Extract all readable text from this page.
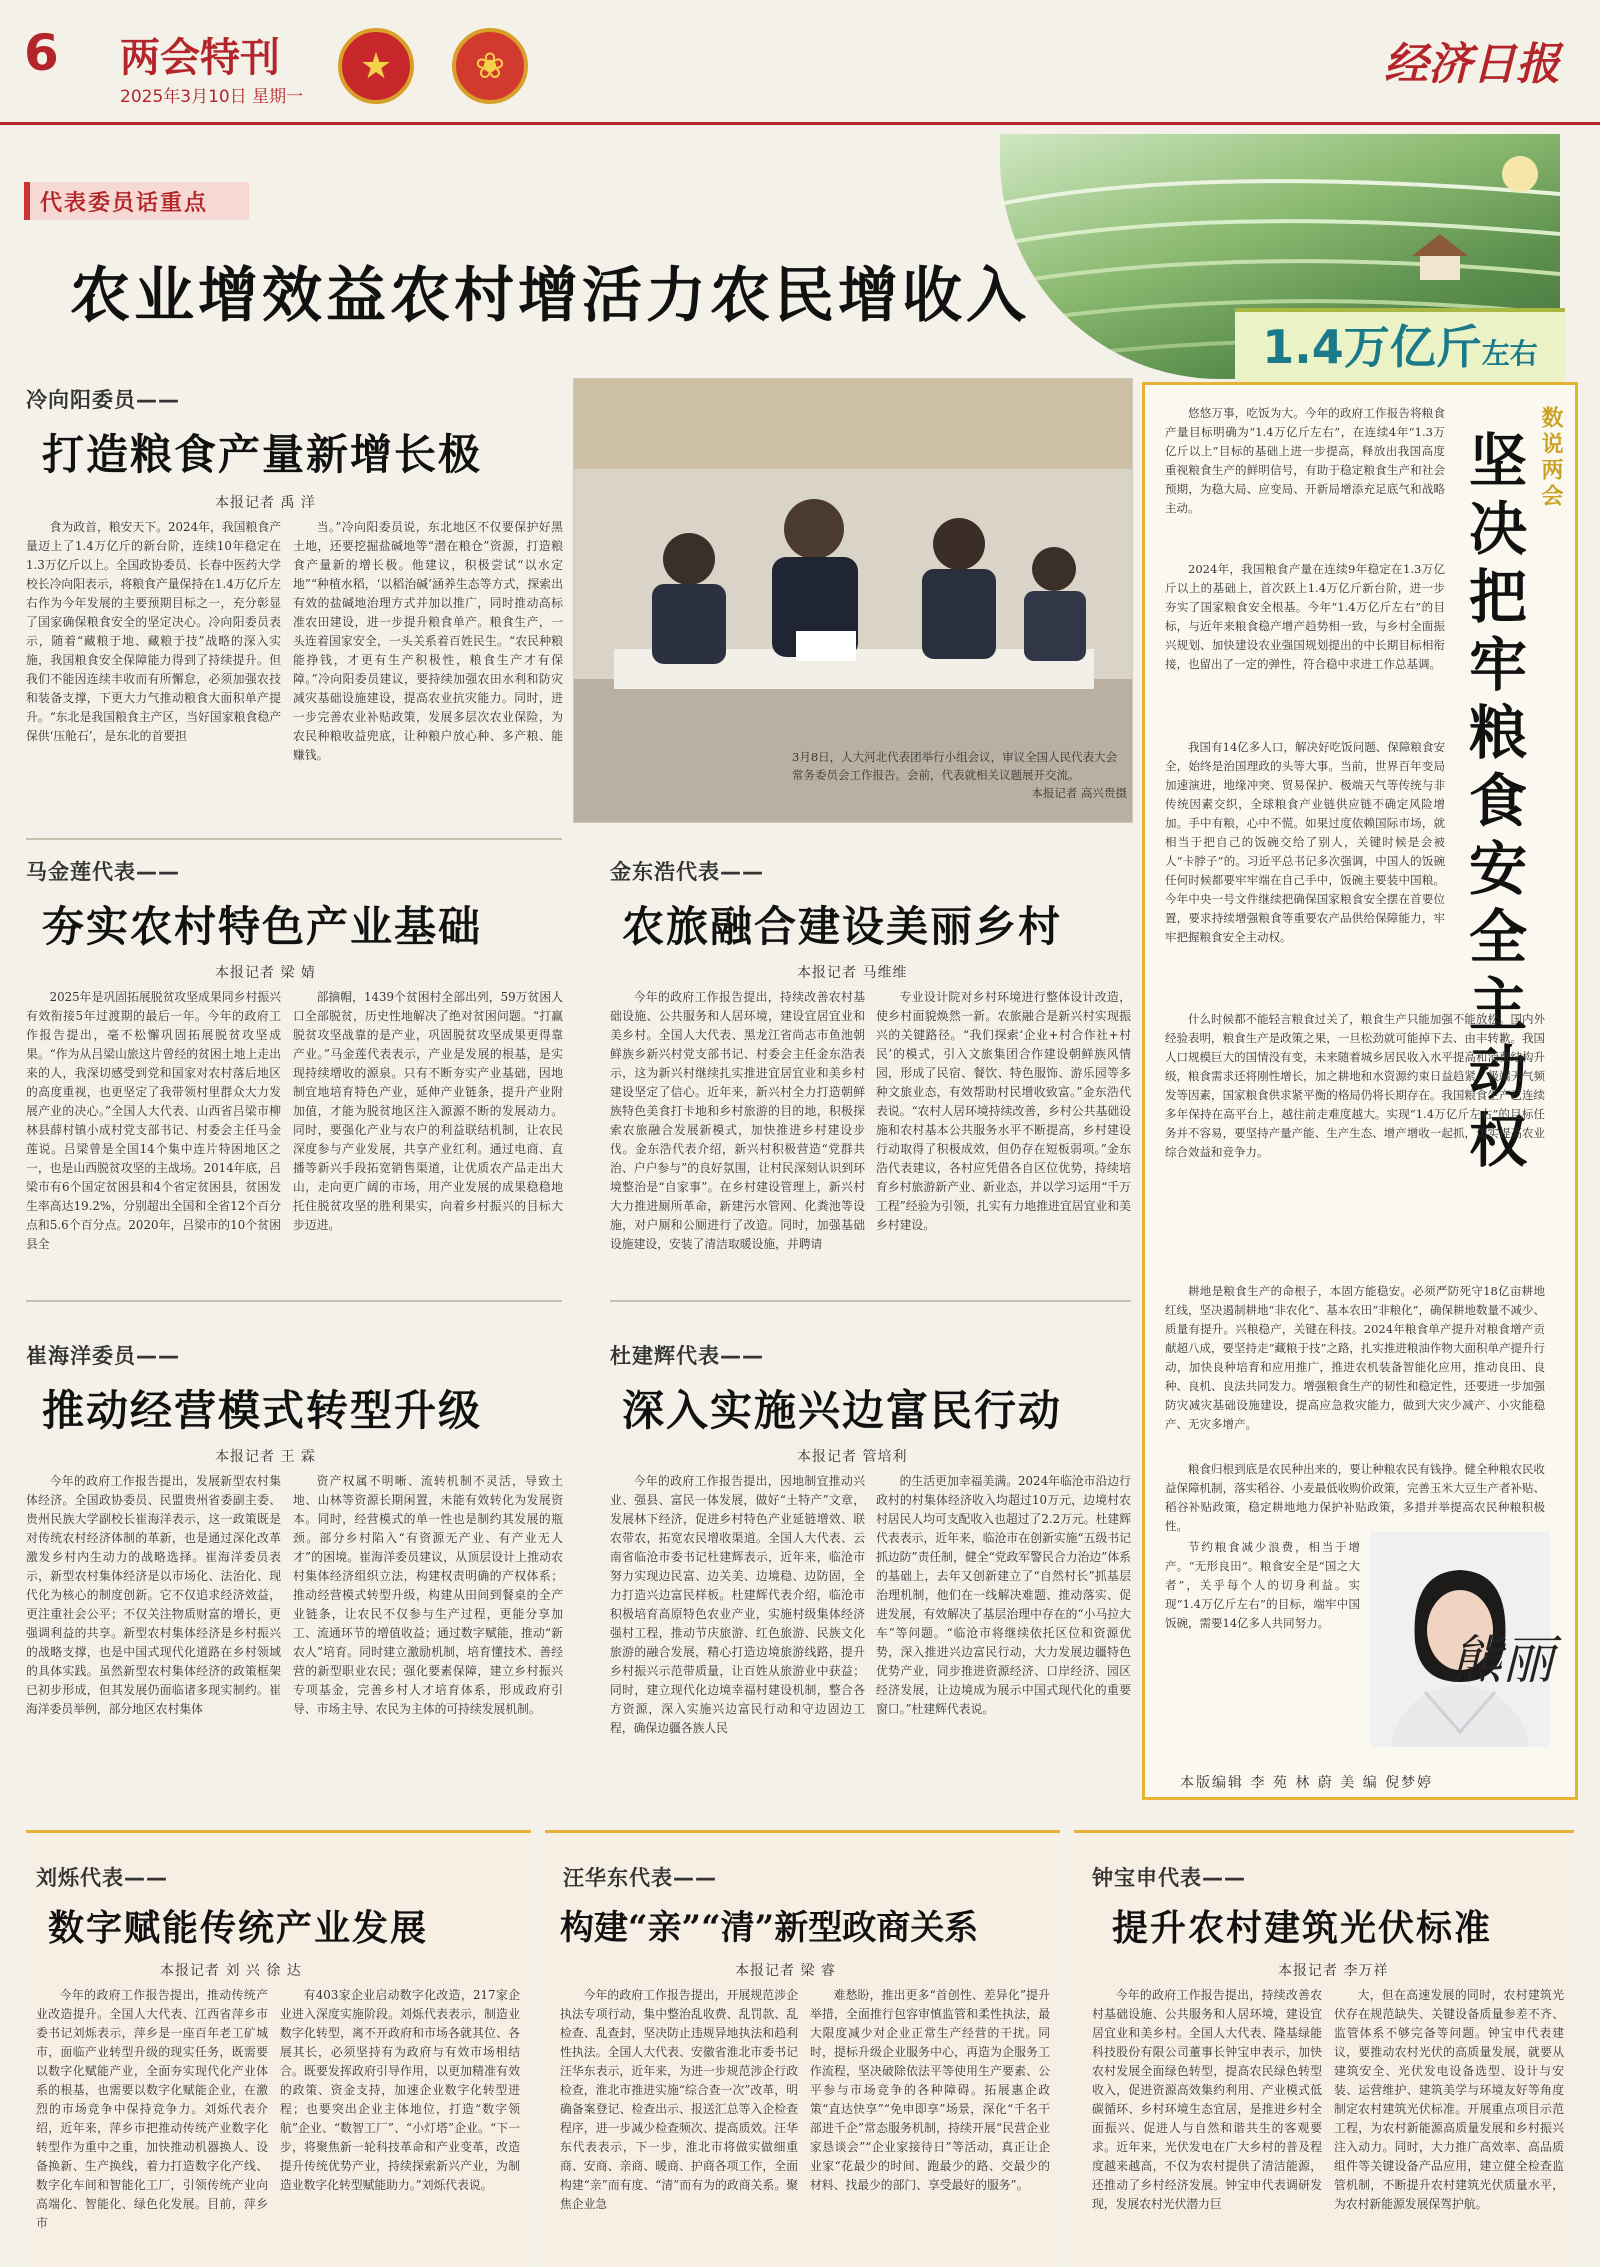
6 两会特刊
2025年3月10日 星期一
★	❀	经济日报
代表委员话重点
农业增效益农村增活力农民增收入
冷向阳委员——
打造粮食产量新增长极
本报记者 禹 洋
食为政首，粮安天下。2024年，我国粮食产量迈上了1.4万亿斤的新台阶，连续10年稳定在1.3万亿斤以上。全国政协委员、长春中医药大学校长冷向阳表示，将粮食产量保持在1.4万亿斤左右作为今年发展的主要预期目标之一，充分彰显了国家确保粮食安全的坚定决心。冷向阳委员表示，随着“藏粮于地、藏粮于技”战略的深入实施，我国粮食安全保障能力得到了持续提升。但我们不能因连续丰收而有所懈怠，必须加强农技和装备支撑，下更大力气推动粮食大面积单产提升。“东北是我国粮食主产区，当好国家粮食稳产保供‘压舱石’，是东北的首要担
当。”冷向阳委员说，东北地区不仅要保护好黑土地，还要挖掘盐碱地等“潜在粮仓”资源，打造粮食产量新的增长极。他建议，积极尝试“以水定地”“种植水稻，‘以稻治碱’涵养生态等方式，探索出有效的盐碱地治理方式并加以推广，同时推动高标准农田建设，进一步提升粮食单产。粮食生产，一头连着国家安全，一头关系着百姓民生。“农民种粮能挣钱，才更有生产积极性，粮食生产才有保障。”冷向阳委员建议，要持续加强农田水利和防灾减灾基础设施建设，提高农业抗灾能力。同时，进一步完善农业补贴政策，发展多层次农业保险，为农民种粮收益兜底，让种粮户放心种、多产粮、能赚钱。	3月8日，人大河北代表团举行小组会议，审议全国人民代表大会常务委员会工作报告。会前，代表就相关议题展开交流。
本报记者 高兴贵摄
马金莲代表——
夯实农村特色产业基础
本报记者 梁 婧
2025年是巩固拓展脱贫攻坚成果同乡村振兴有效衔接5年过渡期的最后一年。今年的政府工作报告提出，毫不松懈巩固拓展脱贫攻坚成果。“作为从吕梁山旅这片曾经的贫困土地上走出来的人，我深切感受到党和国家对农村落后地区的高度重视，也更坚定了我带领村里群众大力发展产业的决心。”全国人大代表、山西省吕梁市柳林县薛村镇小成村党支部书记、村委会主任马金莲说。吕梁曾是全国14个集中连片特困地区之一，也是山西脱贫攻坚的主战场。2014年底，吕梁市有6个国定贫困县和4个省定贫困县，贫困发生率高达19.2%，分别超出全国和全省12个百分点和5.6个百分点。2020年，吕梁市的10个贫困县全
部摘帽，1439个贫困村全部出列，59万贫困人口全部脱贫，历史性地解决了绝对贫困问题。“打赢脱贫攻坚战靠的是产业，巩固脱贫攻坚成果更得靠产业。”马金莲代表表示，产业是发展的根基，是实现持续增收的源泉。只有不断夯实产业基础，因地制宜地培育特色产业，延伸产业链条，提升产业附加值，才能为脱贫地区注入源源不断的发展动力。同时，要强化产业与农户的利益联结机制，让农民深度参与产业发展，共享产业红利。通过电商、直播等新兴手段拓宽销售渠道，让优质农产品走出大山，走向更广阔的市场，用产业发展的成果稳稳地托住脱贫攻坚的胜利果实，向着乡村振兴的目标大步迈进。
金东浩代表——
农旅融合建设美丽乡村
本报记者 马维维
今年的政府工作报告提出，持续改善农村基础设施、公共服务和人居环境，建设宜居宜业和美乡村。全国人大代表、黑龙江省尚志市鱼池朝鲜族乡新兴村党支部书记、村委会主任金东浩表示，这为新兴村继续扎实推进宜居宜业和美乡村建设坚定了信心。近年来，新兴村全力打造朝鲜族特色美食打卡地和乡村旅游的目的地，积极探索农旅融合发展新模式，加快推进乡村建设步伐。金东浩代表介绍，新兴村积极营造“党群共治、户户参与”的良好氛围，让村民深刻认识到环境整治是“自家事”。在乡村建设管理上，新兴村大力推进厕所革命，新建污水管网、化粪池等设施，对户厕和公厕进行了改造。同时，加强基础设施建设，安装了清洁取暖设施，并聘请
专业设计院对乡村环境进行整体设计改造，使乡村面貌焕然一新。农旅融合是新兴村实现振兴的关键路径。“我们探索‘企业+村合作社+村民’的模式，引入文旅集团合作建设朝鲜族风情园，形成了民宿、餐饮、特色服饰、游乐园等多种文旅业态，有效帮助村民增收致富。”金东浩代表说。“农村人居环境持续改善，乡村公共基础设施和农村基本公共服务水平不断提高，乡村建设行动取得了积极成效，但仍存在短板弱项。”金东浩代表建议，各村应凭借各自区位优势，持续培育乡村旅游新产业、新业态，并以学习运用“千万工程”经验为引领，扎实有力地推进宜居宜业和美乡村建设。
崔海洋委员——
推动经营模式转型升级
本报记者 王 霖
今年的政府工作报告提出，发展新型农村集体经济。全国政协委员、民盟贵州省委副主委、贵州民族大学副校长崔海洋表示，这一政策既是对传统农村经济体制的革新，也是通过深化改革激发乡村内生动力的战略选择。崔海洋委员表示，新型农村集体经济是以市场化、法治化、现代化为核心的制度创新。它不仅追求经济效益，更注重社会公平；不仅关注物质财富的增长，更强调利益的共享。新型农村集体经济是乡村振兴的战略支撑，也是中国式现代化道路在乡村领域的具体实践。虽然新型农村集体经济的政策框架已初步形成，但其发展仍面临诸多现实制约。崔海洋委员举例，部分地区农村集体
资产权属不明晰、流转机制不灵活，导致土地、山林等资源长期闲置，未能有效转化为发展资本。同时，经营模式的单一性也是制约其发展的瓶颈。部分乡村陷入“有资源无产业、有产业无人才”的困境。崔海洋委员建议，从顶层设计上推动农村集体经济组织立法，构建权责明确的产权体系；推动经营模式转型升级，构建从田间到餐桌的全产业链条，让农民不仅参与生产过程，更能分享加工、流通环节的增值收益；通过数字赋能，推动“新农人”培育。同时建立激励机制，培育懂技术、善经营的新型职业农民；强化要素保障，建立乡村振兴专项基金，完善乡村人才培育体系，形成政府引导、市场主导、农民为主体的可持续发展机制。
杜建辉代表——
深入实施兴边富民行动
本报记者 管培利
今年的政府工作报告提出，因地制宜推动兴业、强县、富民一体发展，做好“土特产”文章，发展林下经济，促进乡村特色产业延链增效、联农带农，拓宽农民增收渠道。全国人大代表、云南省临沧市委书记杜建辉表示，近年来，临沧市努力实现边民富、边关美、边境稳、边防固，全力打造兴边富民样板。杜建辉代表介绍，临沧市积极培育高原特色农业产业，实施村级集体经济强村工程，推动节庆旅游、红色旅游、民族文化旅游的融合发展，精心打造边境旅游线路，提升乡村振兴示范带质量，让百姓从旅游业中获益；同时，建立现代化边境幸福村建设机制，整合各方资源，深入实施兴边富民行动和守边固边工程，确保边疆各族人民
的生活更加幸福美满。2024年临沧市沿边行政村的村集体经济收入均超过10万元，边境村农村居民人均可支配收入也超过了2.2万元。杜建辉代表表示，近年来，临沧市在创新实施“五级书记抓边防”责任制，健全“党政军警民合力治边”体系的基础上，去年又创新建立了“自然村长”抓基层治理机制，他们在一线解决难题、推动落实、促进发展，有效解决了基层治理中存在的“小马拉大车”等问题。“临沧市将继续依托区位和资源优势，深入推进兴边富民行动，大力发展边疆特色优势产业，同步推进资源经济、口岸经济、园区经济发展，让边境成为展示中国式现代化的重要窗口。”杜建辉代表说。
1.4万亿斤左右
数说两会
坚决把牢粮食安全主动权
悠悠万事，吃饭为大。今年的政府工作报告将粮食产量目标明确为“1.4万亿斤左右”，在连续4年“1.3万亿斤以上”目标的基础上进一步提高，释放出我国高度重视粮食生产的鲜明信号，有助于稳定粮食生产和社会预期，为稳大局、应变局、开新局增添充足底气和战略主动。
2024年，我国粮食产量在连续9年稳定在1.3万亿斤以上的基础上，首次跃上1.4万亿斤新台阶，进一步夯实了国家粮食安全根基。今年“1.4万亿斤左右”的目标，与近年来粮食稳产增产趋势相一致，与乡村全面振兴规划、加快建设农业强国规划提出的中长期目标相衔接，也留出了一定的弹性，符合稳中求进工作总基调。
我国有14亿多人口，解决好吃饭问题、保障粮食安全，始终是治国理政的头等大事。当前，世界百年变局加速演进，地缘冲突、贸易保护、极端天气等传统与非传统因素交织，全球粮食产业链供应链不确定风险增加。手中有粮，心中不慌。如果过度依赖国际市场，就相当于把自己的饭碗交给了别人，关键时候是会被人“卡脖子”的。习近平总书记多次强调，中国人的饭碗任何时候都要牢牢端在自己手中，饭碗主要装中国粮。今年中央一号文件继续把确保国家粮食安全摆在首要位置，要求持续增强粮食等重要农产品供给保障能力，牢牢把握粮食安全主动权。
什么时候都不能轻言粮食过关了，粮食生产只能加强不能放松。国内外经验表明，粮食生产是政策之果，一旦松劲就可能掉下去、由丰转歉。我国人口规模巨大的国情没有变，未来随着城乡居民收入水平提高和消费结构升级，粮食需求还将刚性增长，加之耕地和水资源约束日益趋紧、极端天气频发等因素，国家粮食供求紧平衡的格局仍将长期存在。我国粮食生产已连续多年保持在高平台上，越往前走难度越大。实现“1.4万亿斤左右”的目标任务并不容易，要坚持产量产能、生产生态、增产增收一起抓，切实提高农业综合效益和竞争力。
耕地是粮食生产的命根子，本固方能稳安。必须严防死守18亿亩耕地红线，坚决遏制耕地“非农化”、基本农田“非粮化”，确保耕地数量不减少、质量有提升。兴粮稳产，关键在科技。2024年粮食单产提升对粮食增产贡献超八成，要坚持走“藏粮于技”之路，扎实推进粮油作物大面积单产提升行动，加快良种培育和应用推广，推进农机装备智能化应用，推动良田、良种、良机、良法共同发力。增强粮食生产的韧性和稳定性，还要进一步加强防灾减灾基础设施建设，提高应急救灾能力，做到大灾少减产、小灾能稳产、无灾多增产。
粮食归根到底是农民种出来的，要让种粮农民有钱挣。健全种粮农民收益保障机制，落实稻谷、小麦最低收购价政策，完善玉米大豆生产者补贴、稻谷补贴政策，稳定耕地地力保护补贴政策，多措并举提高农民种粮积极性。
节约粮食减少浪费，相当于增产。“无形良田”。粮食安全是“国之大者”，关乎每个人的切身利益。实现“1.4万亿斤左右”的目标，端牢中国饭碗，需要14亿多人共同努力。
熊丽
本版编辑 李 苑 林 蔚 美 编 倪梦婷
刘烁代表——
数字赋能传统产业发展
本报记者 刘 兴 徐 达
今年的政府工作报告提出，推动传统产业改造提升。全国人大代表、江西省萍乡市委书记刘烁表示，萍乡是一座百年老工矿城市，面临产业转型升级的现实任务，既需要以数字化赋能产业，全面夯实现代化产业体系的根基，也需要以数字化赋能企业，在激烈的市场竞争中保持竞争力。刘烁代表介绍，近年来，萍乡市把推动传统产业数字化转型作为重中之重，加快推动机器换人、设备换新、生产换线，着力打造数字化产线、数字化车间和智能化工厂，引领传统产业向高端化、智能化、绿色化发展。目前，萍乡市
有403家企业启动数字化改造，217家企业进入深度实施阶段。刘烁代表表示，制造业数字化转型，离不开政府和市场各就其位、各展其长，必须坚持有为政府与有效市场相结合。既要发挥政府引导作用，以更加精准有效的政策、资金支持，加速企业数字化转型进程；也要突出企业主体地位，打造“数字领航”企业、“数智工厂”、“小灯塔”企业。“下一步，将聚焦新一轮科技革命和产业变革，改造提升传统优势产业，持续探索新兴产业，为制造业数字化转型赋能助力。”刘烁代表说。
汪华东代表——
构建“亲”“清”新型政商关系
本报记者 梁 睿
今年的政府工作报告提出，开展规范涉企执法专项行动，集中整治乱收费、乱罚款、乱检查、乱查封，坚决防止违规异地执法和趋利性执法。全国人大代表、安徽省淮北市委书记汪华东表示，近年来，为进一步规范涉企行政检查，淮北市推进实施“综合查一次”改革，明确备案登记、检查出示、报送汇总等入企检查程序，进一步减少检查频次、提高质效。汪华东代表表示，下一步，淮北市将做实做细重商、安商、亲商、暖商、护商各项工作，全面构建“亲”而有度、“清”而有为的政商关系。聚焦企业急
难愁盼，推出更多“首创性、差异化”提升举措，全面推行包容审慎监管和柔性执法，最大限度减少对企业正常生产经营的干扰。同时，提标升级企业服务中心，再造为企服务工作流程，坚决破除依法平等使用生产要素、公平参与市场竞争的各种障碍。拓展惠企政策“直达快享”“免申即享”场景，深化“千名干部进千企”常态服务机制，持续开展“民营企业家恳谈会”“企业家接待日”等活动，真正让企业家“花最少的时间、跑最少的路、交最少的材料、找最少的部门、享受最好的服务”。
钟宝申代表——
提升农村建筑光伏标准
本报记者 李万祥
今年的政府工作报告提出，持续改善农村基础设施、公共服务和人居环境，建设宜居宜业和美乡村。全国人大代表、隆基绿能科技股份有限公司董事长钟宝申表示，加快农村发展全面绿色转型，提高农民绿色转型收入，促进资源高效集约利用、产业模式低碳循环、乡村环境生态宜居，是推进乡村全面振兴、促进人与自然和谐共生的客观要求。近年来，光伏发电在广大乡村的普及程度越来越高，不仅为农村提供了清洁能源，还推动了乡村经济发展。钟宝申代表调研发现，发展农村光伏潜力巨
大，但在高速发展的同时，农村建筑光伏存在规范缺失、关键设备质量参差不齐、监管体系不够完备等问题。钟宝申代表建议，要推动农村光伏的高质量发展，就要从建筑安全、光伏发电设备选型、设计与安装、运营维护、建筑美学与环境友好等角度制定农村建筑光伏标准。开展重点项目示范工程，为农村新能源高质量发展和乡村振兴注入动力。同时，大力推广高效率、高品质组件等关键设备产品应用，建立健全检查监管机制，不断提升农村建筑光伏质量水平，为农村新能源发展保驾护航。
